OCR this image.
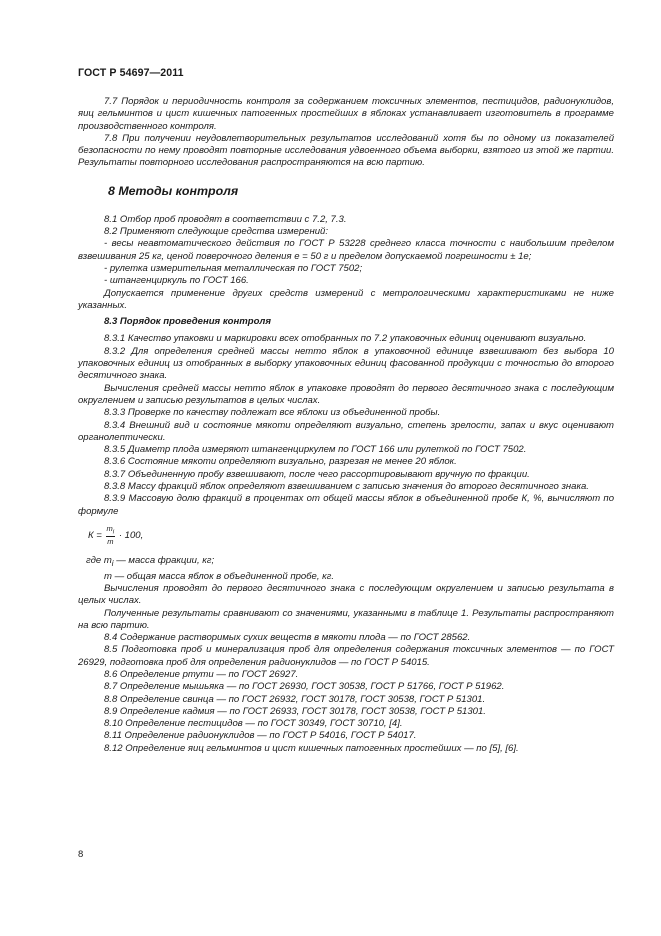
ГОСТ Р 54697—2011

7.7 Порядок и периодичность контроля за содержанием токсичных элементов, пестицидов, радионуклидов, яиц гельминтов и цист кишечных патогенных простейших в яблоках устанавливает изготовитель в программе производственного контроля.

7.8 При получении неудовлетворительных результатов исследований хотя бы по одному из показателей безопасности по нему проводят повторные исследования удвоенного объема выборки, взятого из этой же партии. Результаты повторного исследования распространяются на всю партию.

8 Методы контроля

8.1 Отбор проб проводят в соответствии с 7.2, 7.3.

8.2 Применяют следующие средства измерений:

- весы неавтоматического действия по ГОСТ Р 53228 среднего класса точности с наибольшим пределом взвешивания 25 кг, ценой поверочного деления e = 50 г и пределом допускаемой погрешности ± 1е;

- рулетка измерительная металлическая по ГОСТ 7502;

- штангенциркуль по ГОСТ 166.

Допускается применение других средств измерений с метрологическими характеристиками не ниже указанных.

8.3 Порядок проведения контроля

8.3.1 Качество упаковки и маркировки всех отобранных по 7.2 упаковочных единиц оценивают визуально.

8.3.2 Для определения средней массы нетто яблок в упаковочной единице взвешивают без выбора 10 упаковочных единиц из отобранных в выборку упаковочных единиц фасованной продукции с точностью до второго десятичного знака.

Вычисления средней массы нетто яблок в упаковке проводят до первого десятичного знака с последующим округлением и записью результатов в целых числах.

8.3.3 Проверке по качеству подлежат все яблоки из объединенной пробы.

8.3.4 Внешний вид и состояние мякоти определяют визуально, степень зрелости, запах и вкус оценивают органолептически.

8.3.5 Диаметр плода измеряют штангенциркулем по ГОСТ 166 или рулеткой по ГОСТ 7502.

8.3.6 Состояние мякоти определяют визуально, разрезая не менее 20 яблок.

8.3.7 Объединенную пробу взвешивают, после чего рассортировывают вручную по фракции.

8.3.8 Массу фракций яблок определяют взвешиванием с записью значения до второго десятичного знака.

8.3.9 Массовую долю фракций в процентах от общей массы яблок в объединенной пробе К, %, вычисляют по формуле

$К = \frac{m_i}{m} \cdot 100$,

где $m_i$ — масса фракции, кг;

m — общая масса яблок в объединенной пробе, кг.

Вычисления проводят до первого десятичного знака с последующим округлением и записью результата в целых числах.

Полученные результаты сравнивают со значениями, указанными в таблице 1. Результаты распространяют на всю партию.

8.4 Содержание растворимых сухих веществ в мякоти плода — по ГОСТ 28562.

8.5 Подготовка проб и минерализация проб для определения содержания токсичных элементов — по ГОСТ 26929, подготовка проб для определения радионуклидов — по ГОСТ Р 54015.

8.6 Определение ртути — по ГОСТ 26927.

8.7 Определение мышьяка — по ГОСТ 26930, ГОСТ 30538, ГОСТ Р 51766, ГОСТ Р 51962.

8.8 Определение свинца — по ГОСТ 26932, ГОСТ 30178, ГОСТ 30538, ГОСТ Р 51301.

8.9 Определение кадмия — по ГОСТ 26933, ГОСТ 30178, ГОСТ 30538, ГОСТ Р 51301.

8.10 Определение пестицидов — по ГОСТ 30349, ГОСТ 30710, [4].

8.11 Определение радионуклидов — по ГОСТ Р 54016, ГОСТ Р 54017.

8.12 Определение яиц гельминтов и цист кишечных патогенных простейших — по [5], [6].

8
